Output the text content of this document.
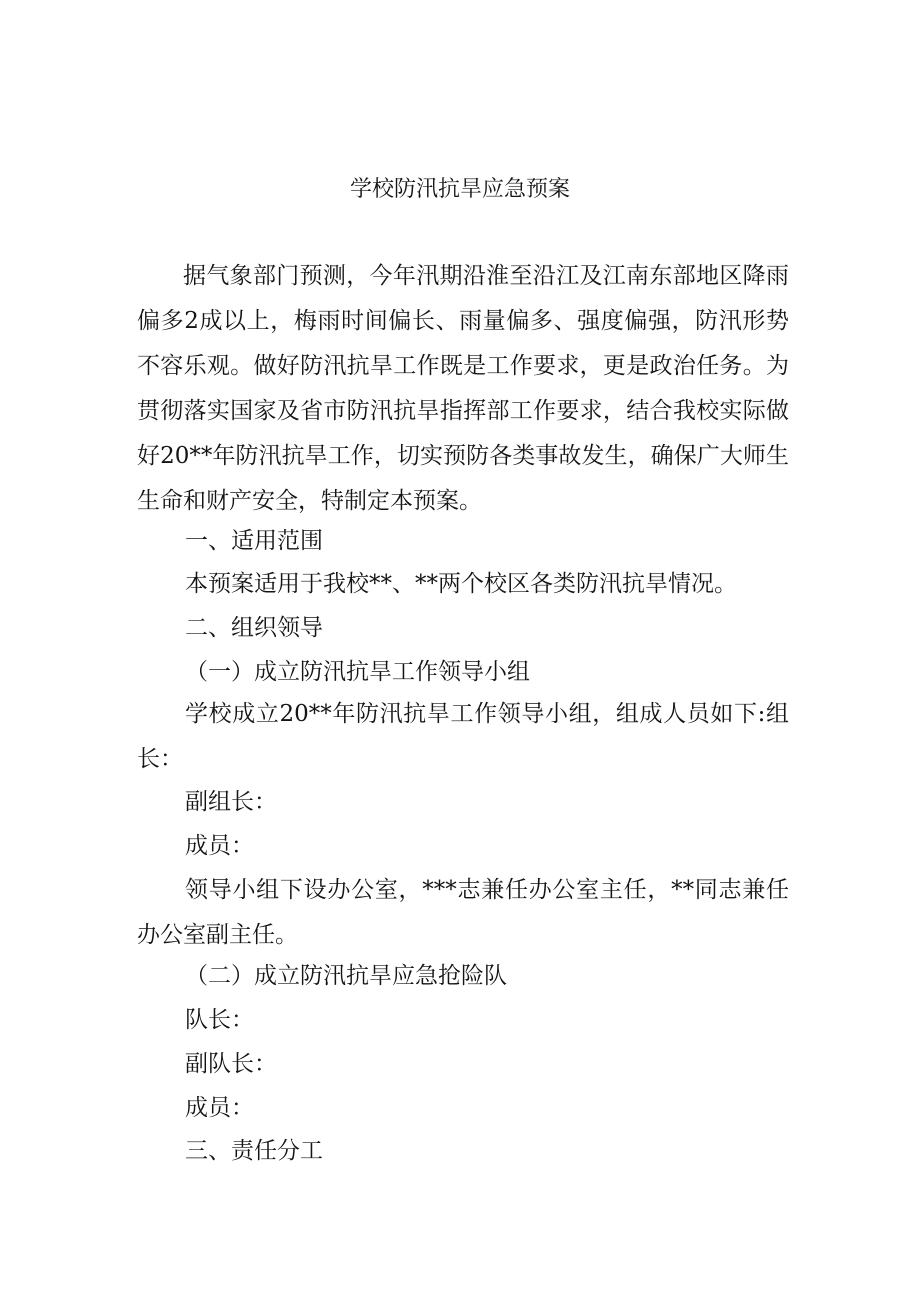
学校防汛抗旱应急预案

据气象部门预测，今年汛期沿淮至沿江及江南东部地区降雨偏多2成以上，梅雨时间偏长、雨量偏多、强度偏强，防汛形势不容乐观。做好防汛抗旱工作既是工作要求，更是政治任务。为贯彻落实国家及省市防汛抗旱指挥部工作要求，结合我校实际做好20**年防汛抗旱工作，切实预防各类事故发生，确保广大师生生命和财产安全，特制定本预案。

一、适用范围
本预案适用于我校**、**两个校区各类防汛抗旱情况。
二、组织领导
（一）成立防汛抗旱工作领导小组

学校成立20**年防汛抗旱工作领导小组，组成人员如下:组长：

副组长：
成员：

领导小组下设办公室，***志兼任办公室主任，**同志兼任办公室副主任。

（二）成立防汛抗旱应急抢险队
队长：
副队长：
成员：
三、责任分工
